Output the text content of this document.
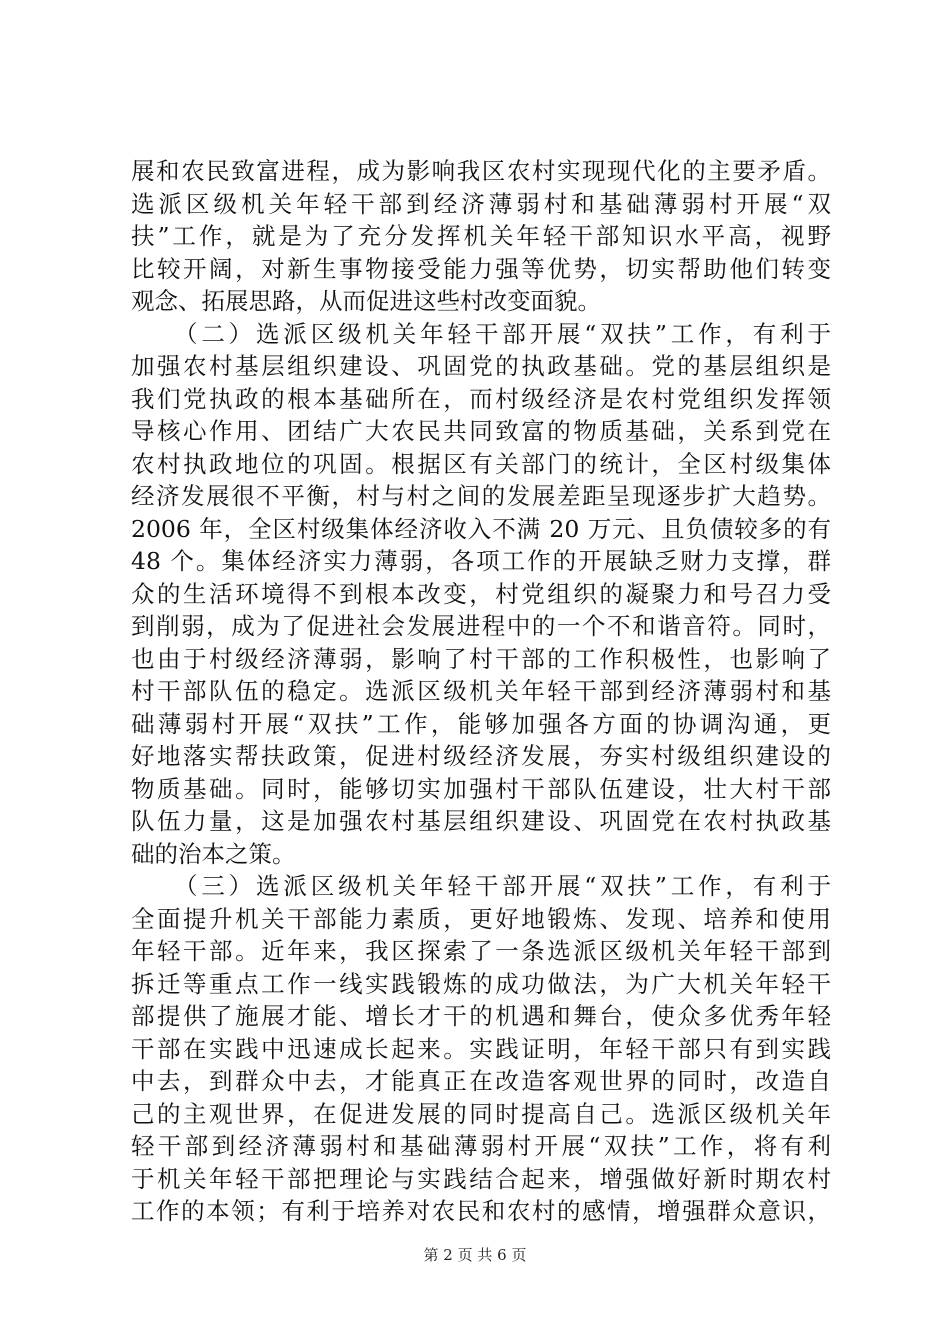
展和农民致富进程，成为影响我区农村实现现代化的主要矛盾。
选派区级机关年轻干部到经济薄弱村和基础薄弱村开展“双
扶”工作，就是为了充分发挥机关年轻干部知识水平高，视野
比较开阔，对新生事物接受能力强等优势，切实帮助他们转变
观念、拓展思路，从而促进这些村改变面貌。
　　（二）选派区级机关年轻干部开展“双扶”工作，有利于
加强农村基层组织建设、巩固党的执政基础。党的基层组织是
我们党执政的根本基础所在，而村级经济是农村党组织发挥领
导核心作用、团结广大农民共同致富的物质基础，关系到党在
农村执政地位的巩固。根据区有关部门的统计，全区村级集体
经济发展很不平衡，村与村之间的发展差距呈现逐步扩大趋势。
2006 年，全区村级集体经济收入不满 20 万元、且负债较多的有
48 个。集体经济实力薄弱，各项工作的开展缺乏财力支撑，群
众的生活环境得不到根本改变，村党组织的凝聚力和号召力受
到削弱，成为了促进社会发展进程中的一个不和谐音符。同时，
也由于村级经济薄弱，影响了村干部的工作积极性，也影响了
村干部队伍的稳定。选派区级机关年轻干部到经济薄弱村和基
础薄弱村开展“双扶”工作，能够加强各方面的协调沟通，更
好地落实帮扶政策，促进村级经济发展，夯实村级组织建设的
物质基础。同时，能够切实加强村干部队伍建设，壮大村干部
队伍力量，这是加强农村基层组织建设、巩固党在农村执政基
础的治本之策。
　　（三）选派区级机关年轻干部开展“双扶”工作，有利于
全面提升机关干部能力素质，更好地锻炼、发现、培养和使用
年轻干部。近年来，我区探索了一条选派区级机关年轻干部到
拆迁等重点工作一线实践锻炼的成功做法，为广大机关年轻干
部提供了施展才能、增长才干的机遇和舞台，使众多优秀年轻
干部在实践中迅速成长起来。实践证明，年轻干部只有到实践
中去，到群众中去，才能真正在改造客观世界的同时，改造自
己的主观世界，在促进发展的同时提高自己。选派区级机关年
轻干部到经济薄弱村和基础薄弱村开展“双扶”工作，将有利
于机关年轻干部把理论与实践结合起来，增强做好新时期农村
工作的本领；有利于培养对农民和农村的感情，增强群众意识，
第 2 页 共 6 页
